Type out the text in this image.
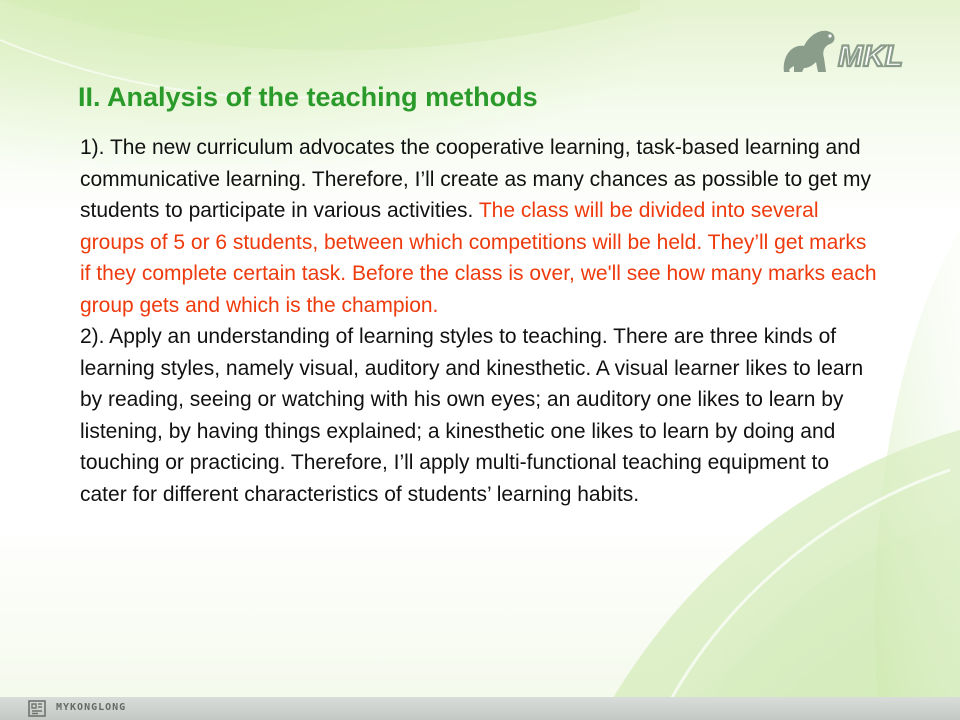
MKL
II. Analysis of the teaching methods

1). The new curriculum advocates the cooperative learning, task-based learning and communicative learning. Therefore, I’ll create as many chances as possible to get my students to participate in various activities. The class will be divided into several groups of 5 or 6 students, between which competitions will be held. They’ll get marks if they complete certain task. Before the class is over, we'll see how many marks each group gets and which is the champion.

2). Apply an understanding of learning styles to teaching. There are three kinds of learning styles, namely visual, auditory and kinesthetic. A visual learner likes to learn by reading, seeing or watching with his own eyes; an auditory one likes to learn by listening, by having things explained; a kinesthetic one likes to learn by doing and touching or practicing. Therefore, I’ll apply multi-functional teaching equipment to cater for different characteristics of students’ learning habits.

MYKONGLONG
